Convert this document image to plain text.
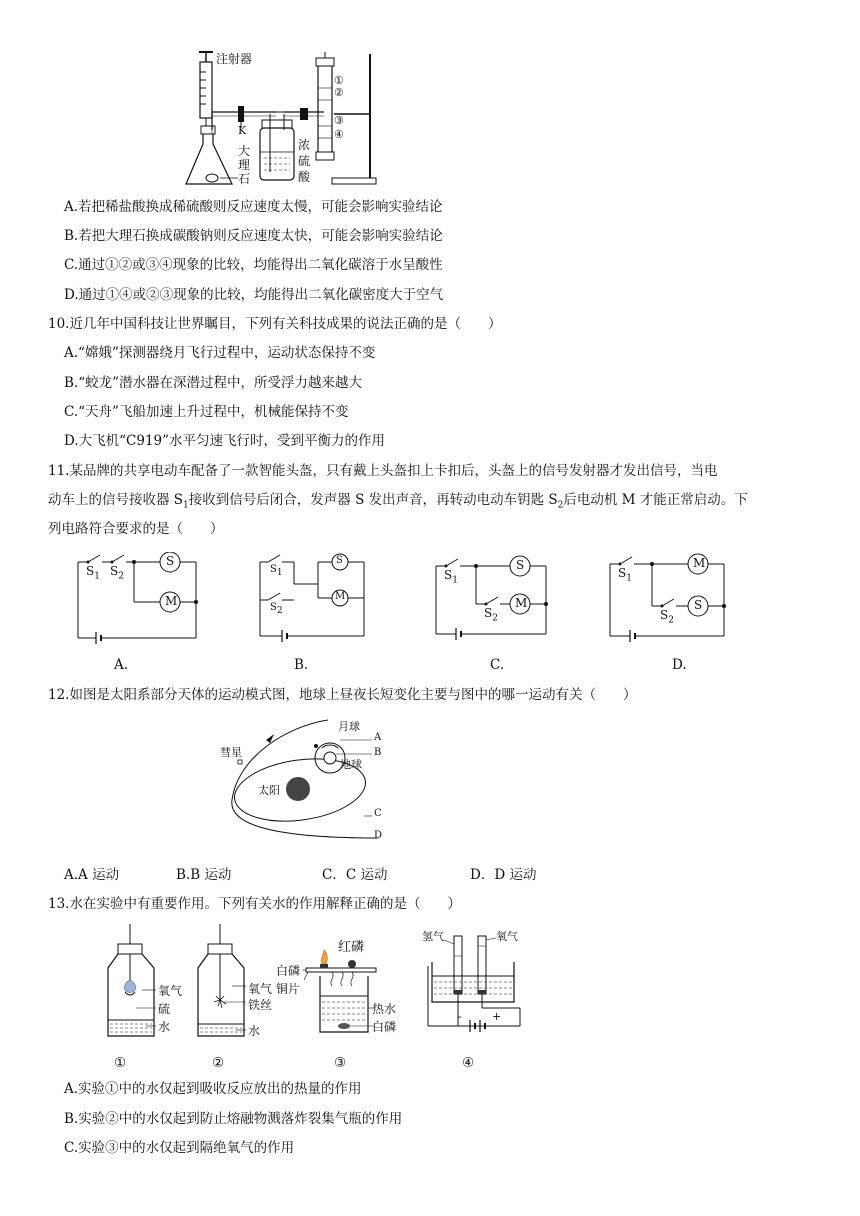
注射器
K
大
理
石
浓
硫
酸
①
②
③
④
A.若把稀盐酸换成稀硫酸则反应速度太慢，可能会影响实验结论
B.若把大理石换成碳酸钠则反应速度太快，可能会影响实验结论
C.通过①②或③④现象的比较，均能得出二氧化碳溶于水呈酸性
D.通过①④或②③现象的比较，均能得出二氧化碳密度大于空气
10.近几年中国科技让世界瞩目，下列有关科技成果的说法正确的是（　　）
A.“嫦娥”探测器绕月飞行过程中，运动状态保持不变
B.“蛟龙”潜水器在深潜过程中，所受浮力越来越大
C.“天舟”飞船加速上升过程中，机械能保持不变
D.大飞机“C919”水平匀速飞行时，受到平衡力的作用
11.某品牌的共享电动车配备了一款智能头盔，只有戴上头盔扣上卡扣后，头盔上的信号发射器才发出信号，当电
动车上的信号接收器 $S_1$接收到信号后闭合，发声器 S 发出声音，再转动电动车钥匙 $S_2$后电动机 M 才能正常启动。下
列电路符合要求的是（　　）
$S_1$ $S_2$
S
M
A.
$S_1$
$S_2$
S
M
B.
$S_1$
$S_2$
S
M
C.
$S_1$
$S_2$
M
S
D.
12.如图是太阳系部分天体的运动模式图，地球上昼夜长短变化主要与图中的哪一运动有关（　　）
彗星
月球
地球
太阳
A
B
C
D
A.A 运动	B.B 运动	C．C 运动	D．D 运动
13.水在实验中有重要作用。下列有关水的作用解释正确的是（　　）
氧气
硫
水
①
氧气
铁丝
水
②
红磷
白磷
铜片
热水
白磷
③
氢气	氧气
-	+
④
A.实验①中的水仅起到吸收反应放出的热量的作用
B.实验②中的水仅起到防止熔融物溅落炸裂集气瓶的作用
C.实验③中的水仅起到隔绝氧气的作用
